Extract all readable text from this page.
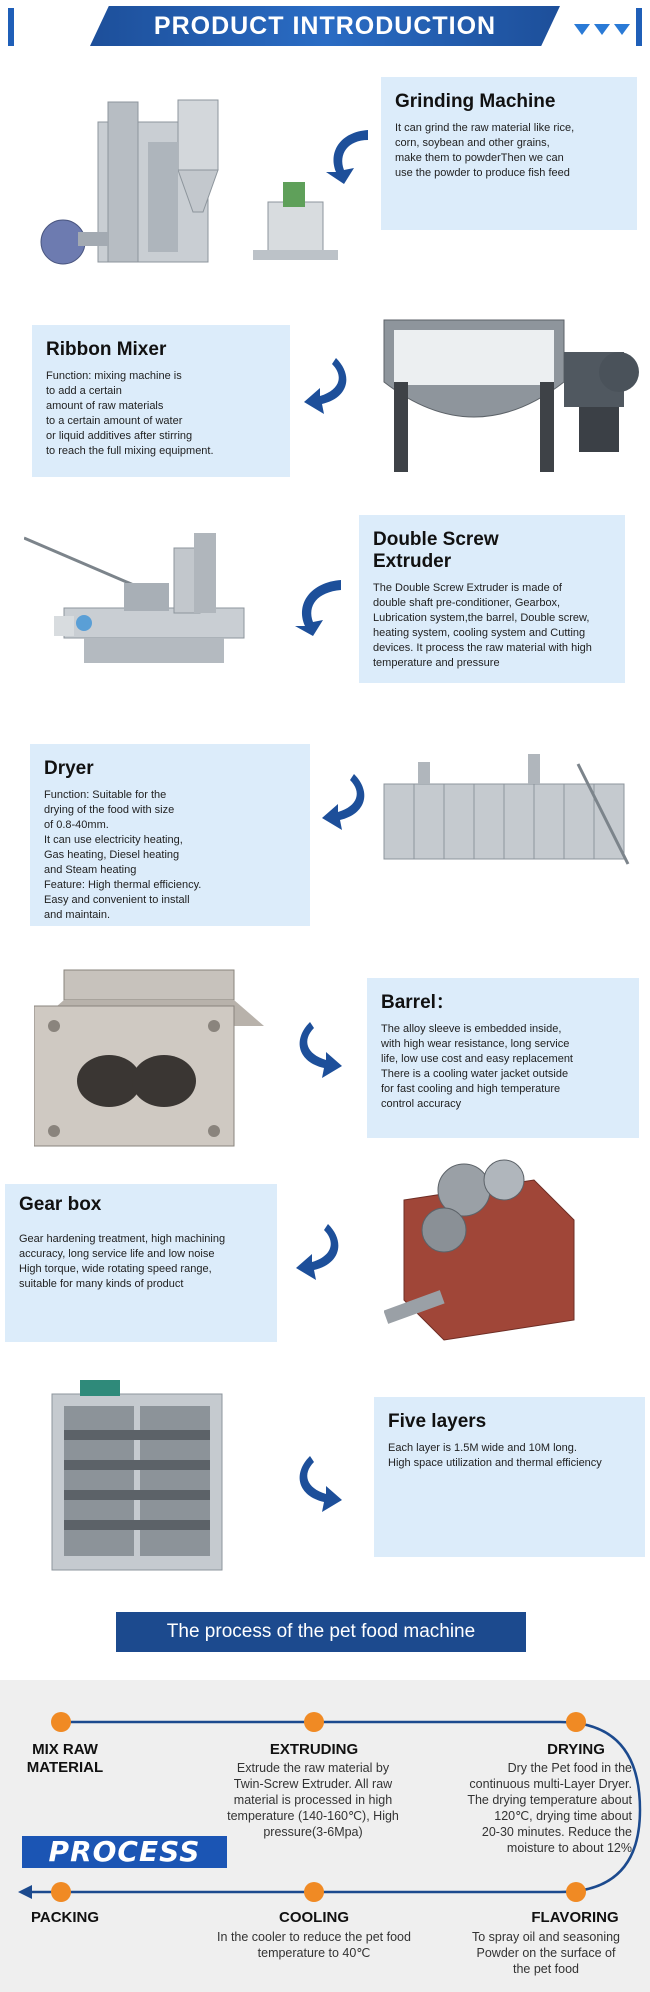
PRODUCT INTRODUCTION
Grinding Machine

It can grind the raw material like rice,
corn, soybean and other grains,
make them to powderThen we can
use the powder to produce fish feed

Ribbon Mixer

Function: mixing machine is
to add a certain
amount of raw materials
to a certain amount of water
or liquid additives after stirring
to reach the full mixing equipment.

Double Screw
Extruder

The Double Screw Extruder is made of
double shaft pre-conditioner, Gearbox,
Lubrication system,the barrel, Double screw,
heating system, cooling system and Cutting
devices. It process the raw material with high
temperature and pressure

Dryer

Function: Suitable for the
drying of the food with size
of 0.8-40mm.
It can use electricity heating,
Gas heating, Diesel heating
and Steam heating
Feature: High thermal efficiency.
Easy and convenient to install
and maintain.

Barrel：

The alloy sleeve is embedded inside,
with high wear resistance, long service
life, low use cost and easy replacement
There is a cooling water jacket outside
for fast cooling and high temperature
control accuracy

Gear box

Gear hardening treatment, high machining
accuracy, long service life and low noise
High torque, wide rotating speed range,
suitable for many kinds of product

Five layers

Each layer is 1.5M wide and 10M long.
High space utilization and thermal efficiency

The process of the pet food machine
MIX RAW
MATERIAL
EXTRUDING
Extrude the raw material by
Twin-Screw Extruder. All raw
material is processed in high
temperature (140-160℃), High
pressure(3-6Mpa)
DRYING
Dry the Pet food in the
continuous multi-Layer Dryer.
The drying temperature about
120℃, drying time about
20-30 minutes. Reduce the
moisture to about 12%
PROCESS
PACKING	COOLING
In the cooler to reduce the pet food
temperature to 40℃
FLAVORING
To spray oil and seasoning
Powder on the surface of
the pet food
